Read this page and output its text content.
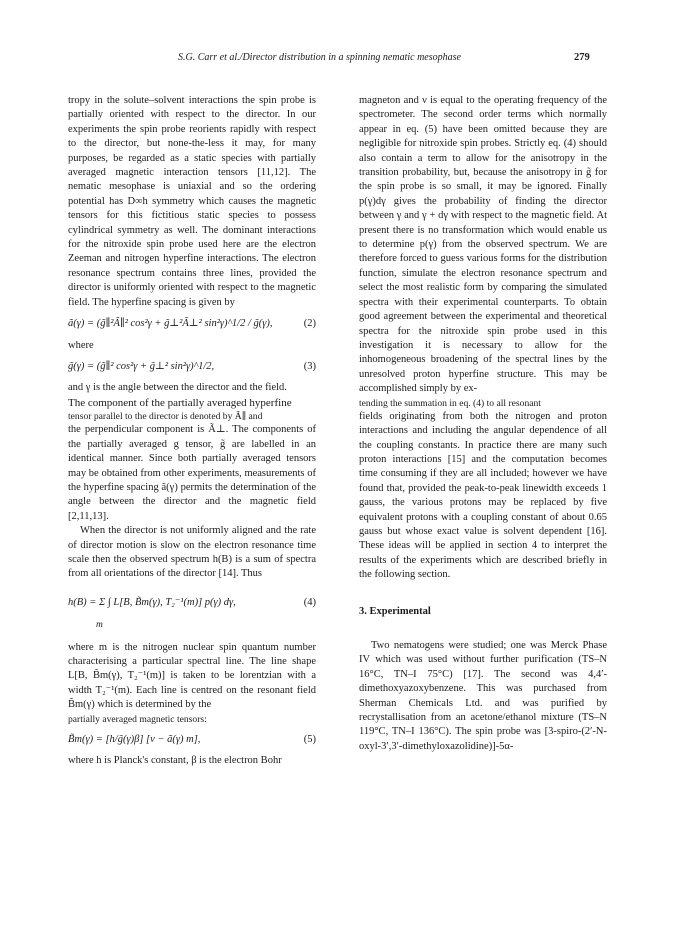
S.G. Carr et al./Director distribution in a spinning nematic mesophase	279

tropy in the solute–solvent interactions the spin probe is partially oriented with respect to the director. In our experiments the spin probe reorients rapidly with respect to the director, but none-the-less it may, for many purposes, be regarded as a static species with partially averaged magnetic interaction tensors [11,12]. The nematic mesophase is uniaxial and so the ordering potential has D∞h symmetry which causes the magnetic tensors for this fictitious static species to possess cylindrical symmetry as well. The dominant interactions for the nitroxide spin probe used here are the electron Zeeman and nitrogen hyperfine interactions. The electron resonance spectrum contains three lines, provided the director is uniformly oriented with respect to the magnetic field. The hyperfine spacing is given by

ã(γ) = (g̃∥²Ã∥² cos²γ + g̃⊥²Ã⊥² sin²γ)^1/2 / g̃(γ),	(2)

where

g̃(γ) = (g̃∥² cos²γ + g̃⊥² sin²γ)^1/2,	(3)

and γ is the angle between the director and the field.

The component of the partially averaged hyperfine

tensor parallel to the director is denoted by Ã∥ and

the perpendicular component is Ã⊥. The components of the partially averaged g tensor, g̃ are labelled in an identical manner. Since both partially averaged tensors may be obtained from other experiments, measurements of the hyperfine spacing ã(γ) permits the determination of the angle between the director and the magnetic field [2,11,13].

When the director is not uniformly aligned and the rate of director motion is slow on the electron resonance time scale then the observed spectrum h(B) is a sum of spectra from all orientations of the director [14]. Thus

h(B) = Σ ∫ L[B, B̃m(γ), T₂⁻¹(m)] p(γ) dγ,	(4)
m

where m is the nitrogen nuclear spin quantum number characterising a particular spectral line. The line shape L[B, B̃m(γ), T₂⁻¹(m)] is taken to be lorentzian with a width T₂⁻¹(m). Each line is centred on the resonant field B̃m(γ) which is determined by the

partially averaged magnetic tensors:

B̃m(γ) = [h/g̃(γ)β] [ν − ã(γ) m],	(5)

where h is Planck's constant, β is the electron Bohr

magneton and ν is equal to the operating frequency of the spectrometer. The second order terms which normally appear in eq. (5) have been omitted because they are negligible for nitroxide spin probes. Strictly eq. (4) should also contain a term to allow for the anisotropy in the transition probability, but, because the anisotropy in g̃ for the spin probe is so small, it may be ignored. Finally p(γ)dγ gives the probability of finding the director between γ and γ + dγ with respect to the magnetic field. At present there is no transformation which would enable us to determine p(γ) from the observed spectrum. We are therefore forced to guess various forms for the distribution function, simulate the electron resonance spectrum and select the most realistic form by comparing the simulated spectra with their experimental counterparts. To obtain good agreement between the experimental and theoretical spectra for the nitroxide spin probe used in this investigation it is necessary to allow for the inhomogeneous broadening of the spectral lines by the unresolved proton hyperfine structure. This may be accomplished simply by ex-

tending the summation in eq. (4) to all resonant

fields originating from both the nitrogen and proton interactions and including the angular dependence of all the coupling constants. In practice there are many such proton interactions [15] and the computation becomes time consuming if they are all included; however we have found that, provided the peak-to-peak linewidth exceeds 1 gauss, the various protons may be replaced by five equivalent protons with a coupling constant of about 0.65 gauss but whose exact value is solvent dependent [16]. These ideas will be applied in section 4 to interpret the results of the experiments which are described briefly in the following section.

3. Experimental

Two nematogens were studied; one was Merck Phase IV which was used without further purification (TS–N 16°C, TN–I 75°C) [17]. The second was 4,4′-dimethoxyazoxybenzene. This was purchased from Sherman Chemicals Ltd. and was purified by recrystallisation from an acetone/ethanol mixture (TS–N 119°C, TN–I 136°C). The spin probe was [3-spiro-(2′-N-oxyl-3′,3′-dimethyloxazolidine)]-5α-
